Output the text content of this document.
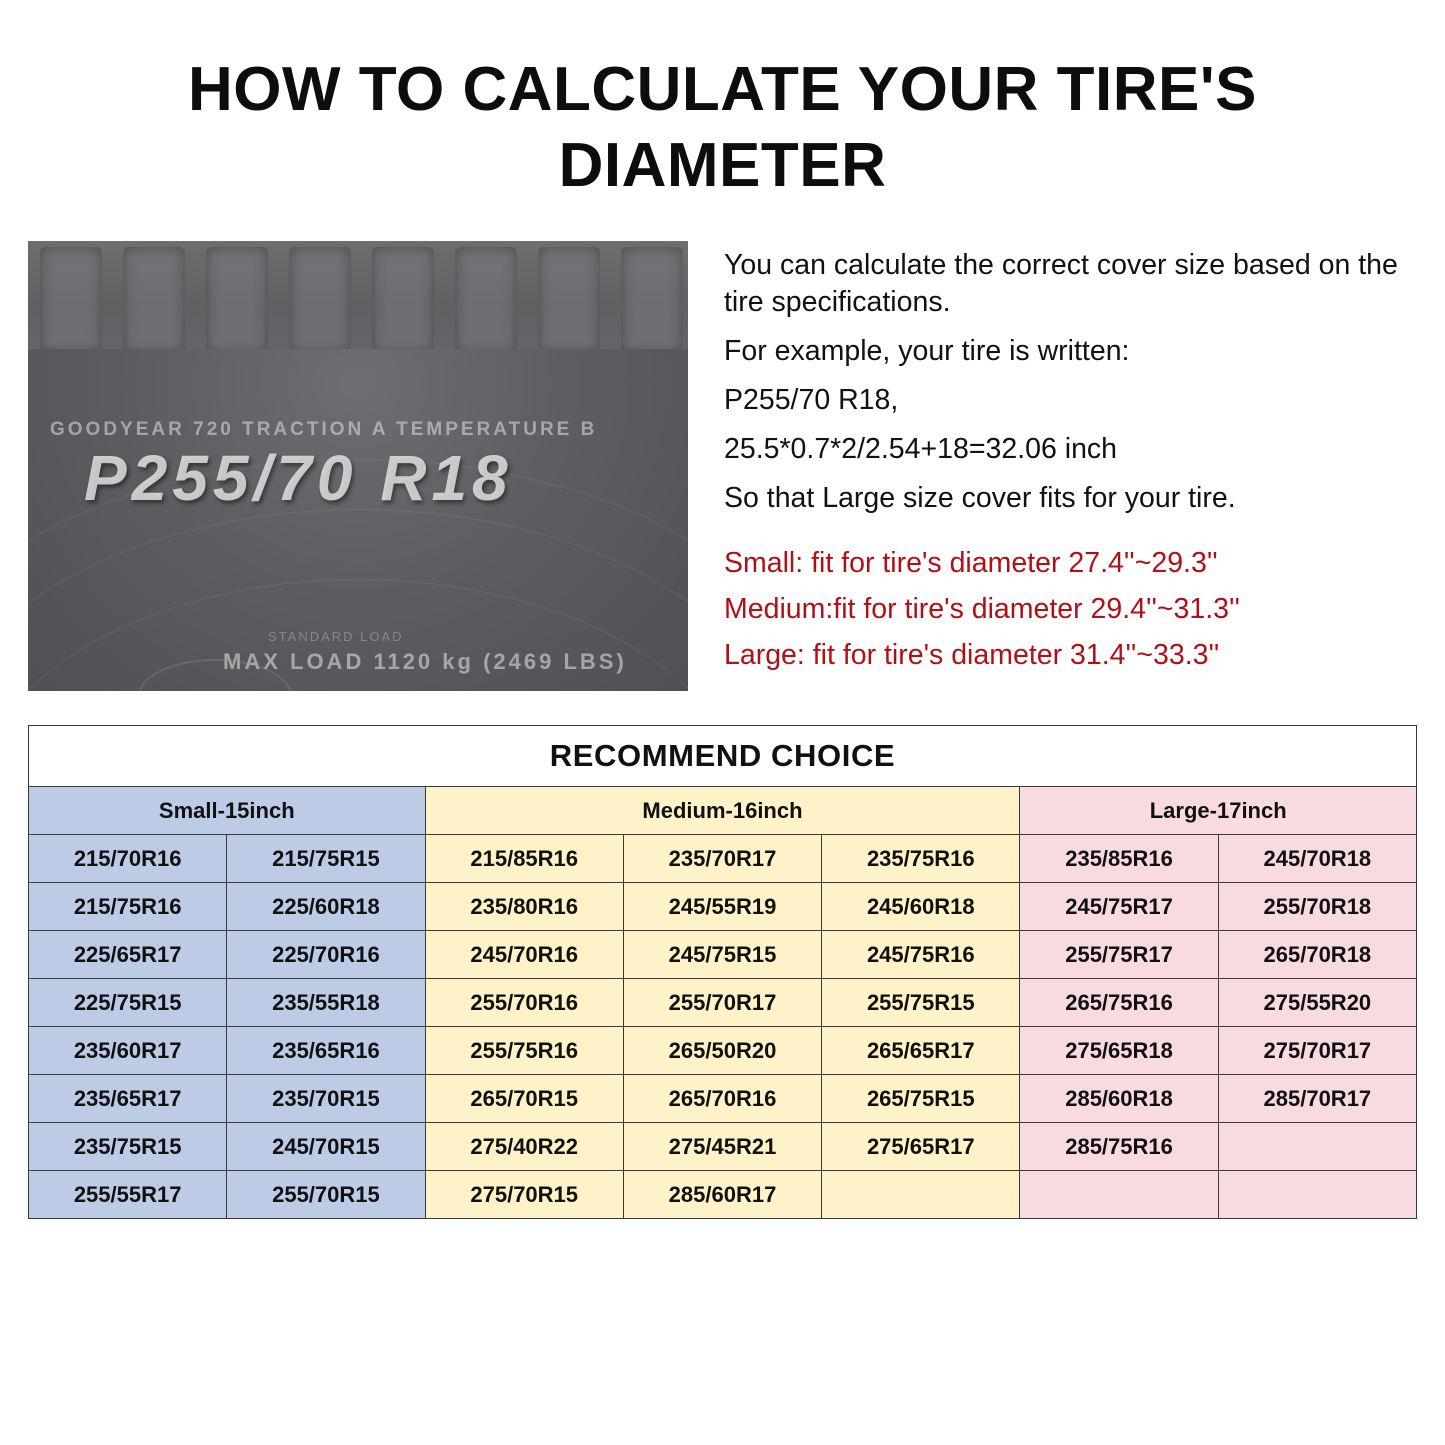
HOW TO CALCULATE YOUR TIRE'S DIAMETER
GOODYEAR 720 TRACTION A TEMPERATURE B
P255/70 R18
STANDARD LOAD
MAX LOAD 1120 kg (2469 LBS)

You can calculate the correct cover size based on the tire specifications.

For example, your tire is written:

P255/70 R18,

25.5*0.7*2/2.54+18=32.06 inch

So that Large size cover fits for your tire.

Small: fit for tire's diameter 27.4''~29.3''

Medium:fit for tire's diameter 29.4''~31.3''

Large: fit for tire's diameter 31.4''~33.3''

RECOMMEND CHOICE						
Small-15inch		Medium-16inch			Large-17inch	
215/70R16	215/75R15	215/85R16	235/70R17	235/75R16	235/85R16	245/70R18
215/75R16	225/60R18	235/80R16	245/55R19	245/60R18	245/75R17	255/70R18
225/65R17	225/70R16	245/70R16	245/75R15	245/75R16	255/75R17	265/70R18
225/75R15	235/55R18	255/70R16	255/70R17	255/75R15	265/75R16	275/55R20
235/60R17	235/65R16	255/75R16	265/50R20	265/65R17	275/65R18	275/70R17
235/65R17	235/70R15	265/70R15	265/70R16	265/75R15	285/60R18	285/70R17
235/75R15	245/70R15	275/40R22	275/45R21	275/65R17	285/75R16	
255/55R17	255/70R15	275/70R15	285/60R17			
